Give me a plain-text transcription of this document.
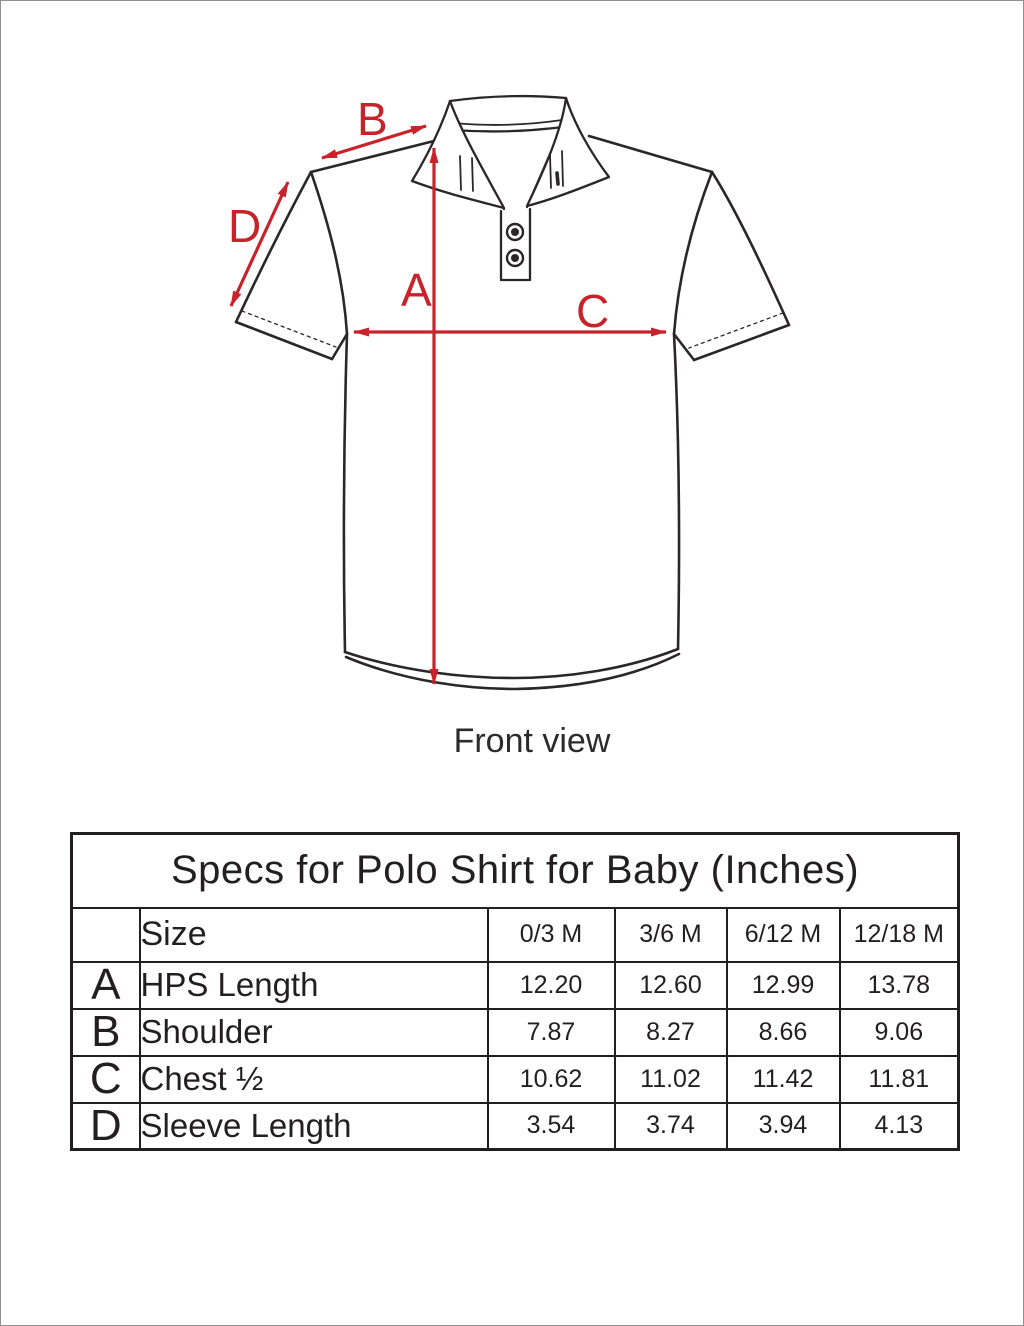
A
B
C
D
Front view
Specs for Polo Shirt for Baby (Inches)					
	Size	0/3 M	3/6 M	6/12 M	12/18 M
A	HPS Length	12.20	12.60	12.99	13.78
B	Shoulder	7.87	8.27	8.66	9.06
C	Chest ½	10.62	11.02	11.42	11.81
D	Sleeve Length	3.54	3.74	3.94	4.13
